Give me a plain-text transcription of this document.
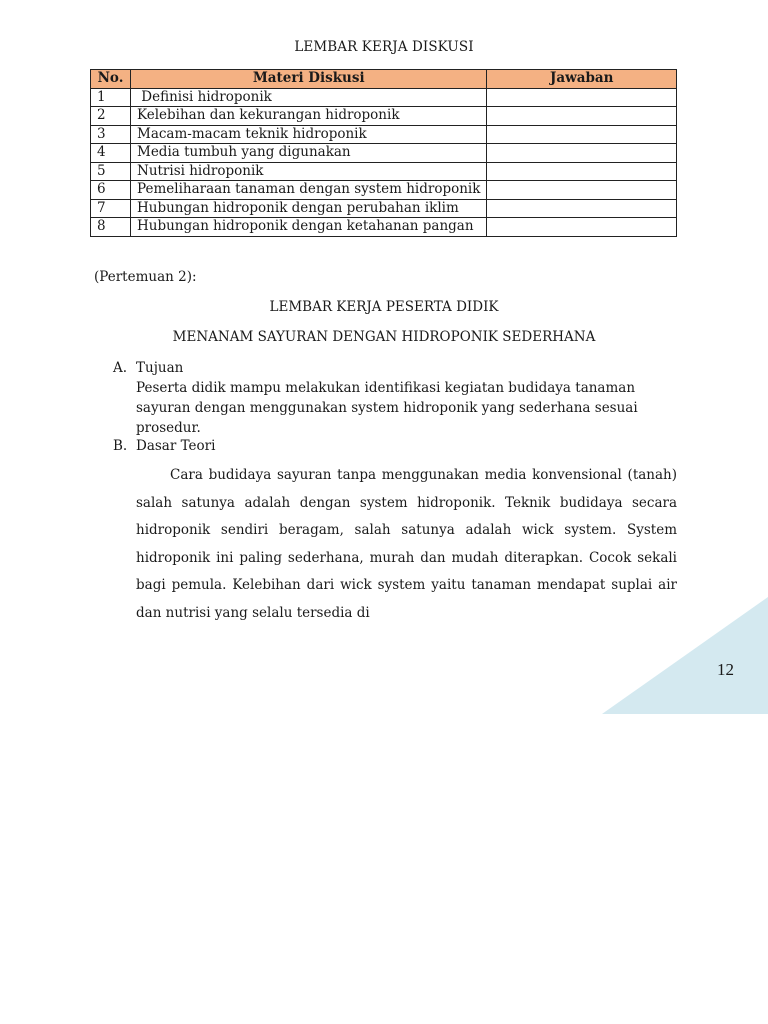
LEMBAR KERJA DISKUSI
No.	Materi Diskusi	Jawaban
1	Definisi hidroponik	
2	Kelebihan dan kekurangan hidroponik	
3	Macam-macam teknik hidroponik	
4	Media tumbuh yang digunakan	
5	Nutrisi hidroponik	
6	Pemeliharaan tanaman dengan system hidroponik	
7	Hubungan hidroponik dengan perubahan iklim	
8	Hubungan hidroponik dengan ketahanan pangan	
(Pertemuan 2):
LEMBAR KERJA PESERTA DIDIK
MENANAM SAYURAN DENGAN HIDROPONIK SEDERHANA
A. Tujuan
Peserta didik mampu melakukan identifikasi kegiatan budidaya tanaman sayuran dengan menggunakan system hidroponik yang sederhana sesuai prosedur.
B. Dasar Teori
Cara budidaya sayuran tanpa menggunakan media konvensional (tanah) salah satunya adalah dengan system hidroponik. Teknik budidaya secara hidroponik sendiri beragam, salah satunya adalah wick system. System hidroponik ini paling sederhana, murah dan mudah diterapkan. Cocok sekali bagi pemula. Kelebihan dari wick system yaitu tanaman mendapat suplai air dan nutrisi yang selalu tersedia di
12
